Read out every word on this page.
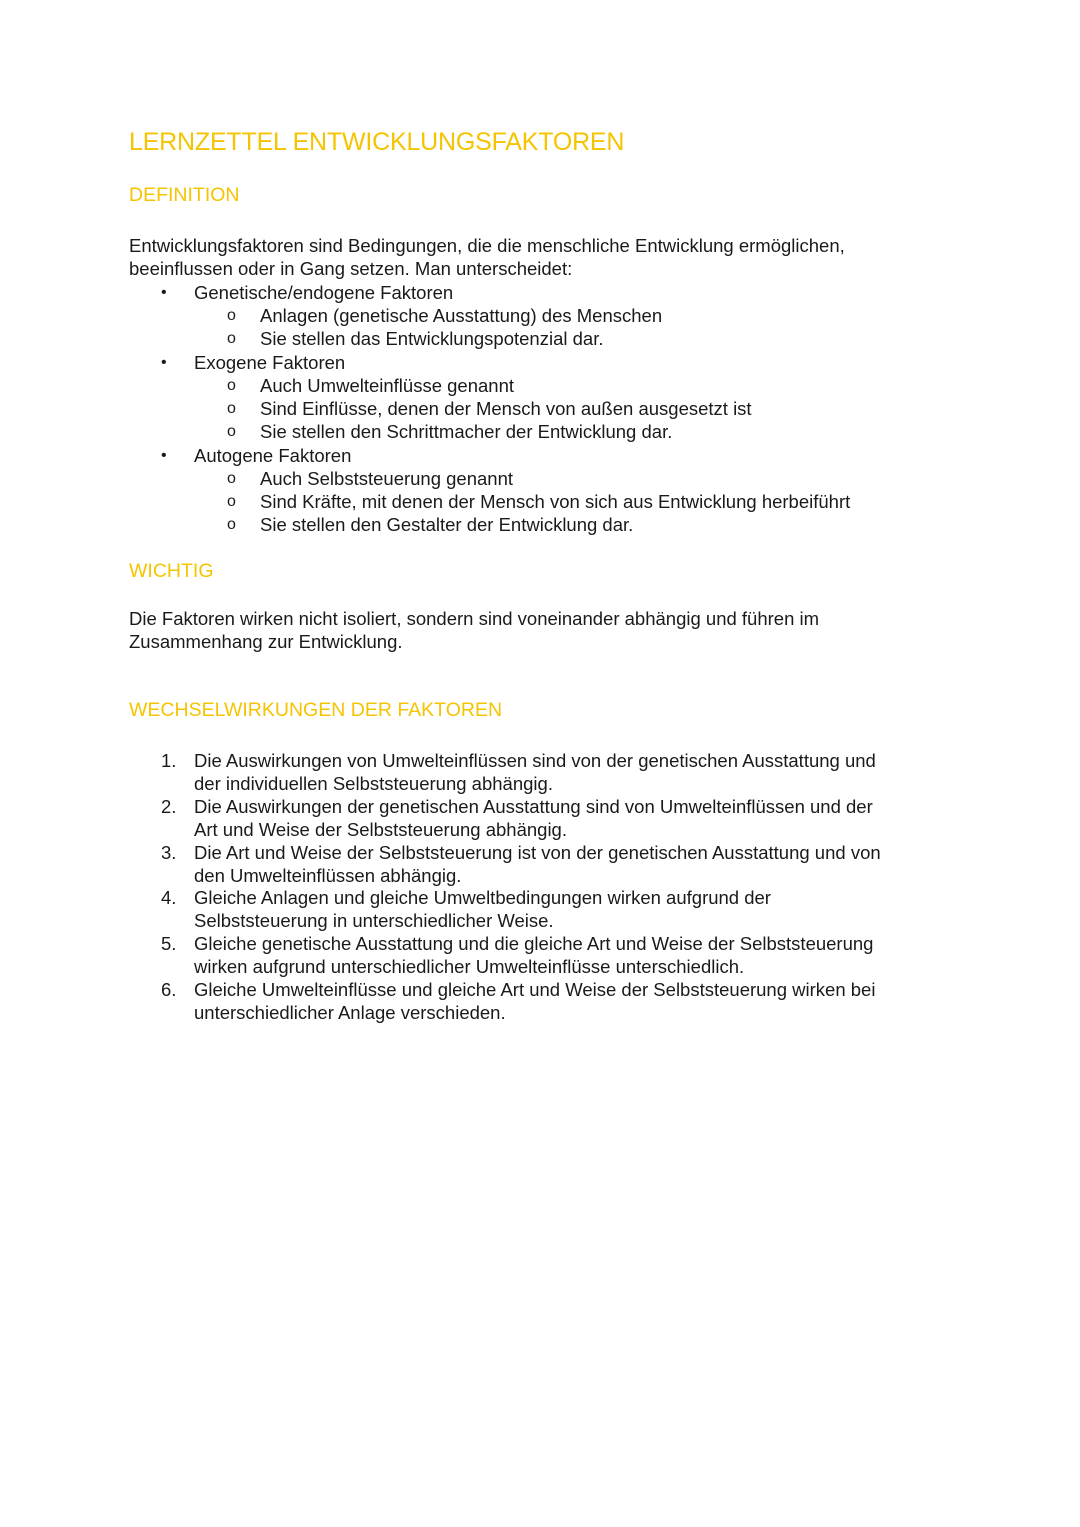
LERNZETTEL ENTWICKLUNGSFAKTOREN
DEFINITION
Entwicklungsfaktoren sind Bedingungen, die die menschliche Entwicklung ermöglichen,
beeinflussen oder in Gang setzen. Man unterscheidet:
• Genetische/endogene Faktoren
o Anlagen (genetische Ausstattung) des Menschen
o Sie stellen das Entwicklungspotenzial dar.
• Exogene Faktoren
o Auch Umwelteinflüsse genannt
o Sind Einflüsse, denen der Mensch von außen ausgesetzt ist
o Sie stellen den Schrittmacher der Entwicklung dar.
• Autogene Faktoren
o Auch Selbststeuerung genannt
o Sind Kräfte, mit denen der Mensch von sich aus Entwicklung herbeiführt
o Sie stellen den Gestalter der Entwicklung dar.
WICHTIG
Die Faktoren wirken nicht isoliert, sondern sind voneinander abhängig und führen im
Zusammenhang zur Entwicklung.
WECHSELWIRKUNGEN DER FAKTOREN
1. Die Auswirkungen von Umwelteinflüssen sind von der genetischen Ausstattung und
der individuellen Selbststeuerung abhängig.
2. Die Auswirkungen der genetischen Ausstattung sind von Umwelteinflüssen und der
Art und Weise der Selbststeuerung abhängig.
3. Die Art und Weise der Selbststeuerung ist von der genetischen Ausstattung und von
den Umwelteinflüssen abhängig.
4. Gleiche Anlagen und gleiche Umweltbedingungen wirken aufgrund der
Selbststeuerung in unterschiedlicher Weise.
5. Gleiche genetische Ausstattung und die gleiche Art und Weise der Selbststeuerung
wirken aufgrund unterschiedlicher Umwelteinflüsse unterschiedlich.
6. Gleiche Umwelteinflüsse und gleiche Art und Weise der Selbststeuerung wirken bei
unterschiedlicher Anlage verschieden.
